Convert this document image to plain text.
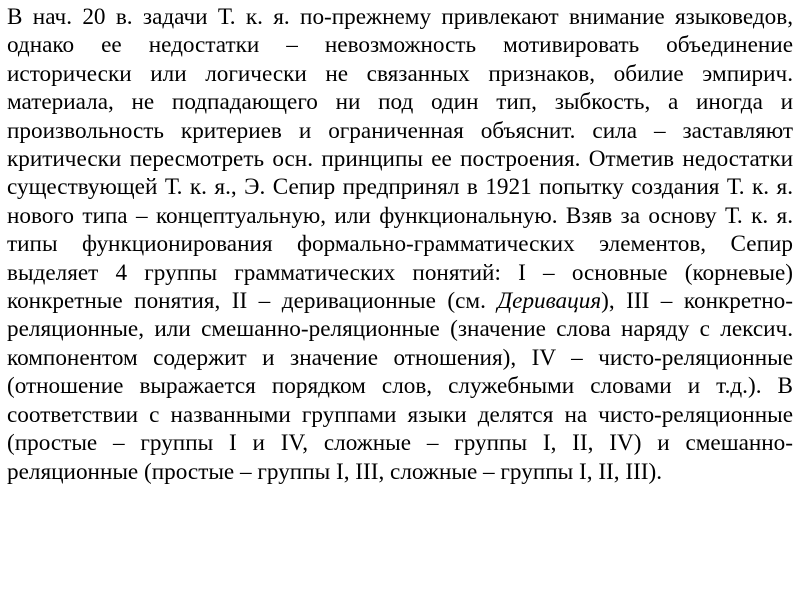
В нач. 20 в. задачи Т. к. я. по-прежнему привлекают внимание языковедов, однако ее недостатки – невозможность мотивировать объединение исторически или логически не связанных признаков, обилие эмпирич. материала, не подпадающего ни под один тип, зыбкость, а иногда и произвольность критериев и ограниченная объяснит. сила – заставляют критически пересмотреть осн. принципы ее построения. Отметив недостатки существующей Т. к. я., Э. Сепир предпринял в 1921 попытку создания Т. к. я. нового типа – концептуальную, или функциональную. Взяв за основу Т. к. я. типы функционирования формально-грамматических элементов, Сепир выделяет 4 группы грамматических понятий: I – основные (корневые) конкретные понятия, II – деривационные (см. Деривация), III – конкретно-реляционные, или смешанно-реляционные (значение слова наряду с лексич. компонентом содержит и значение отношения), IV – чисто-реляционные (отношение выражается порядком слов, служебными словами и т.д.). В соответствии с названными группами языки делятся на чисто-реляционные (простые – группы I и IV, сложные – группы I, II, IV) и смешанно-реляционные (простые – группы I, III, сложные – группы I, II, III).
